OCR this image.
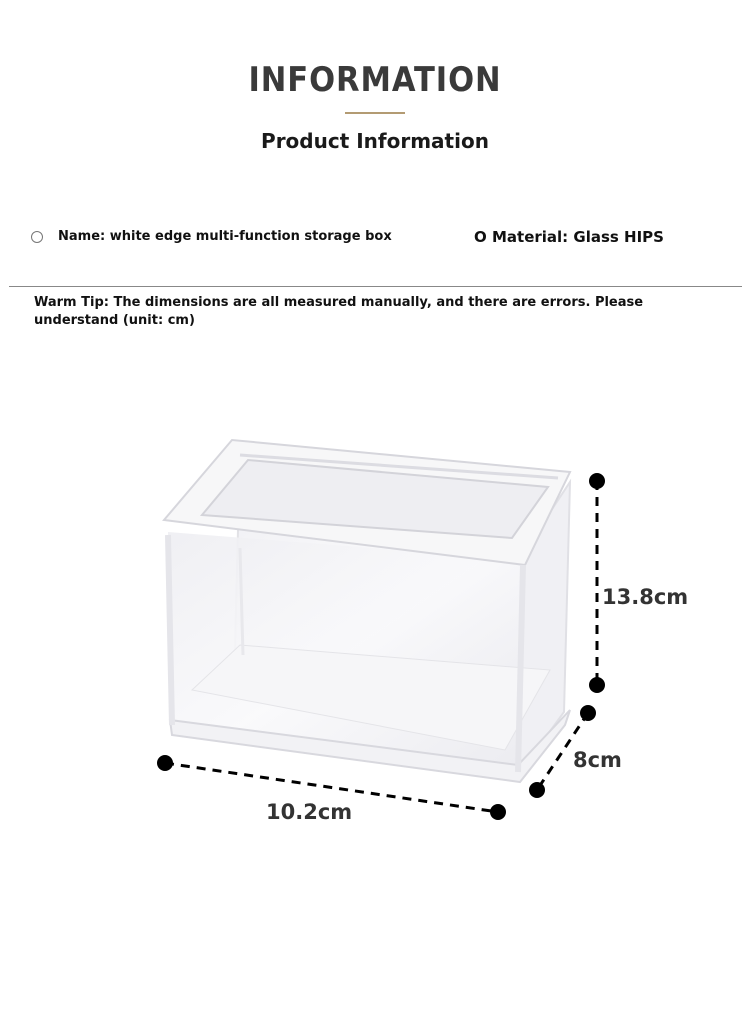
INFORMATION
Product Information
Name: white edge multi-function storage box	O Material: Glass HIPS
Warm Tip: The dimensions are all measured manually, and there are errors. Please understand (unit: cm)
13.8cm
8cm
10.2cm
